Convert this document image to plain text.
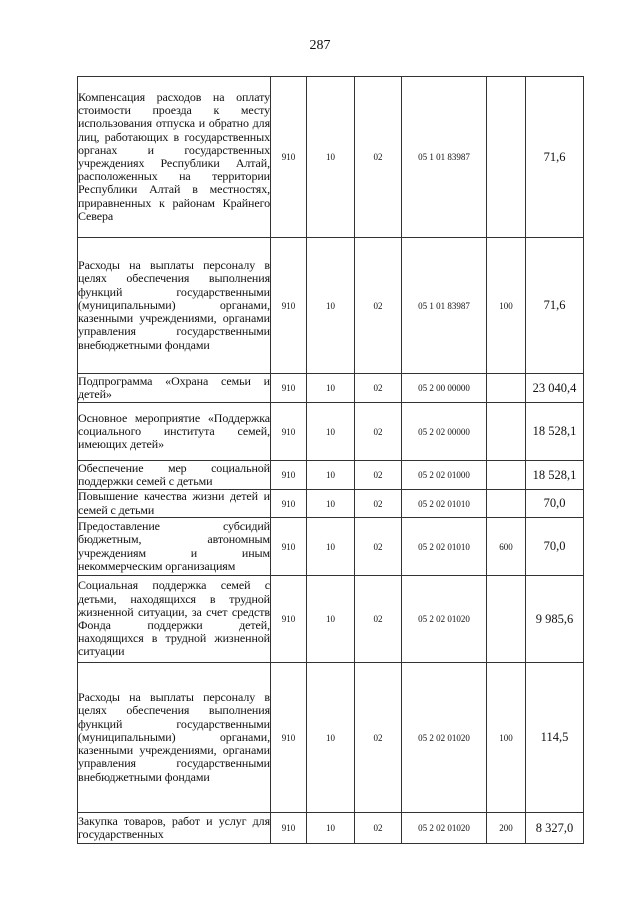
287
Компенсация расходов на оплату стоимости проезда к месту использования отпуска и обратно для лиц, работающих в государственных органах и государственных учреждениях Республики Алтай, расположенных на территории Республики Алтай в местностях, приравненных к районам Крайнего Севера	910	10	02	05 1 01 83987		71,6
Расходы на выплаты персоналу в целях обеспечения выполнения функций государственными (муниципальными) органами, казенными учреждениями, органами управления государственными внебюджетными фондами	910	10	02	05 1 01 83987	100	71,6
Подпрограмма «Охрана семьи и детей»	910	10	02	05 2 00 00000		23 040,4
Основное мероприятие «Поддержка социального института семей, имеющих детей»	910	10	02	05 2 02 00000		18 528,1
Обеспечение мер социальной поддержки семей с детьми	910	10	02	05 2 02 01000		18 528,1
Повышение качества жизни детей и семей с детьми	910	10	02	05 2 02 01010		70,0
Предоставление субсидий бюджетным, автономным учреждениям и иным некоммерческим организациям	910	10	02	05 2 02 01010	600	70,0
Социальная поддержка семей с детьми, находящихся в трудной жизненной ситуации, за счет средств Фонда поддержки детей, находящихся в трудной жизненной ситуации	910	10	02	05 2 02 01020		9 985,6
Расходы на выплаты персоналу в целях обеспечения выполнения функций государственными (муниципальными) органами, казенными учреждениями, органами управления государственными внебюджетными фондами	910	10	02	05 2 02 01020	100	114,5
Закупка товаров, работ и услуг для государственных	910	10	02	05 2 02 01020	200	8 327,0
